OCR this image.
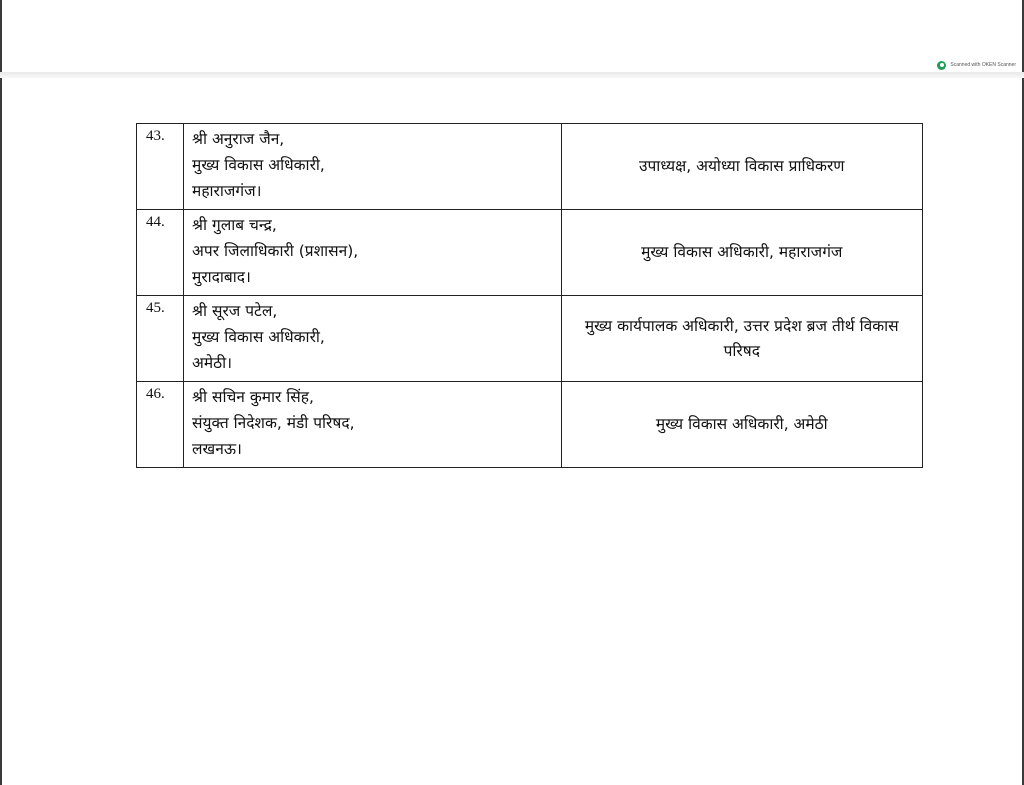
Scanned with OKEN Scanner
43.	श्री अनुराज जैन,
मुख्य विकास अधिकारी,
महाराजगंज।	उपाध्यक्ष, अयोध्या विकास प्राधिकरण
44.	श्री गुलाब चन्द्र,
अपर जिलाधिकारी (प्रशासन),
मुरादाबाद।	मुख्य विकास अधिकारी, महाराजगंज
45.	श्री सूरज पटेल,
मुख्य विकास अधिकारी,
अमेठी।	मुख्य कार्यपालक अधिकारी, उत्तर प्रदेश ब्रज तीर्थ विकास परिषद
46.	श्री सचिन कुमार सिंह,
संयुक्त निदेशक, मंडी परिषद,
लखनऊ।	मुख्य विकास अधिकारी, अमेठी
